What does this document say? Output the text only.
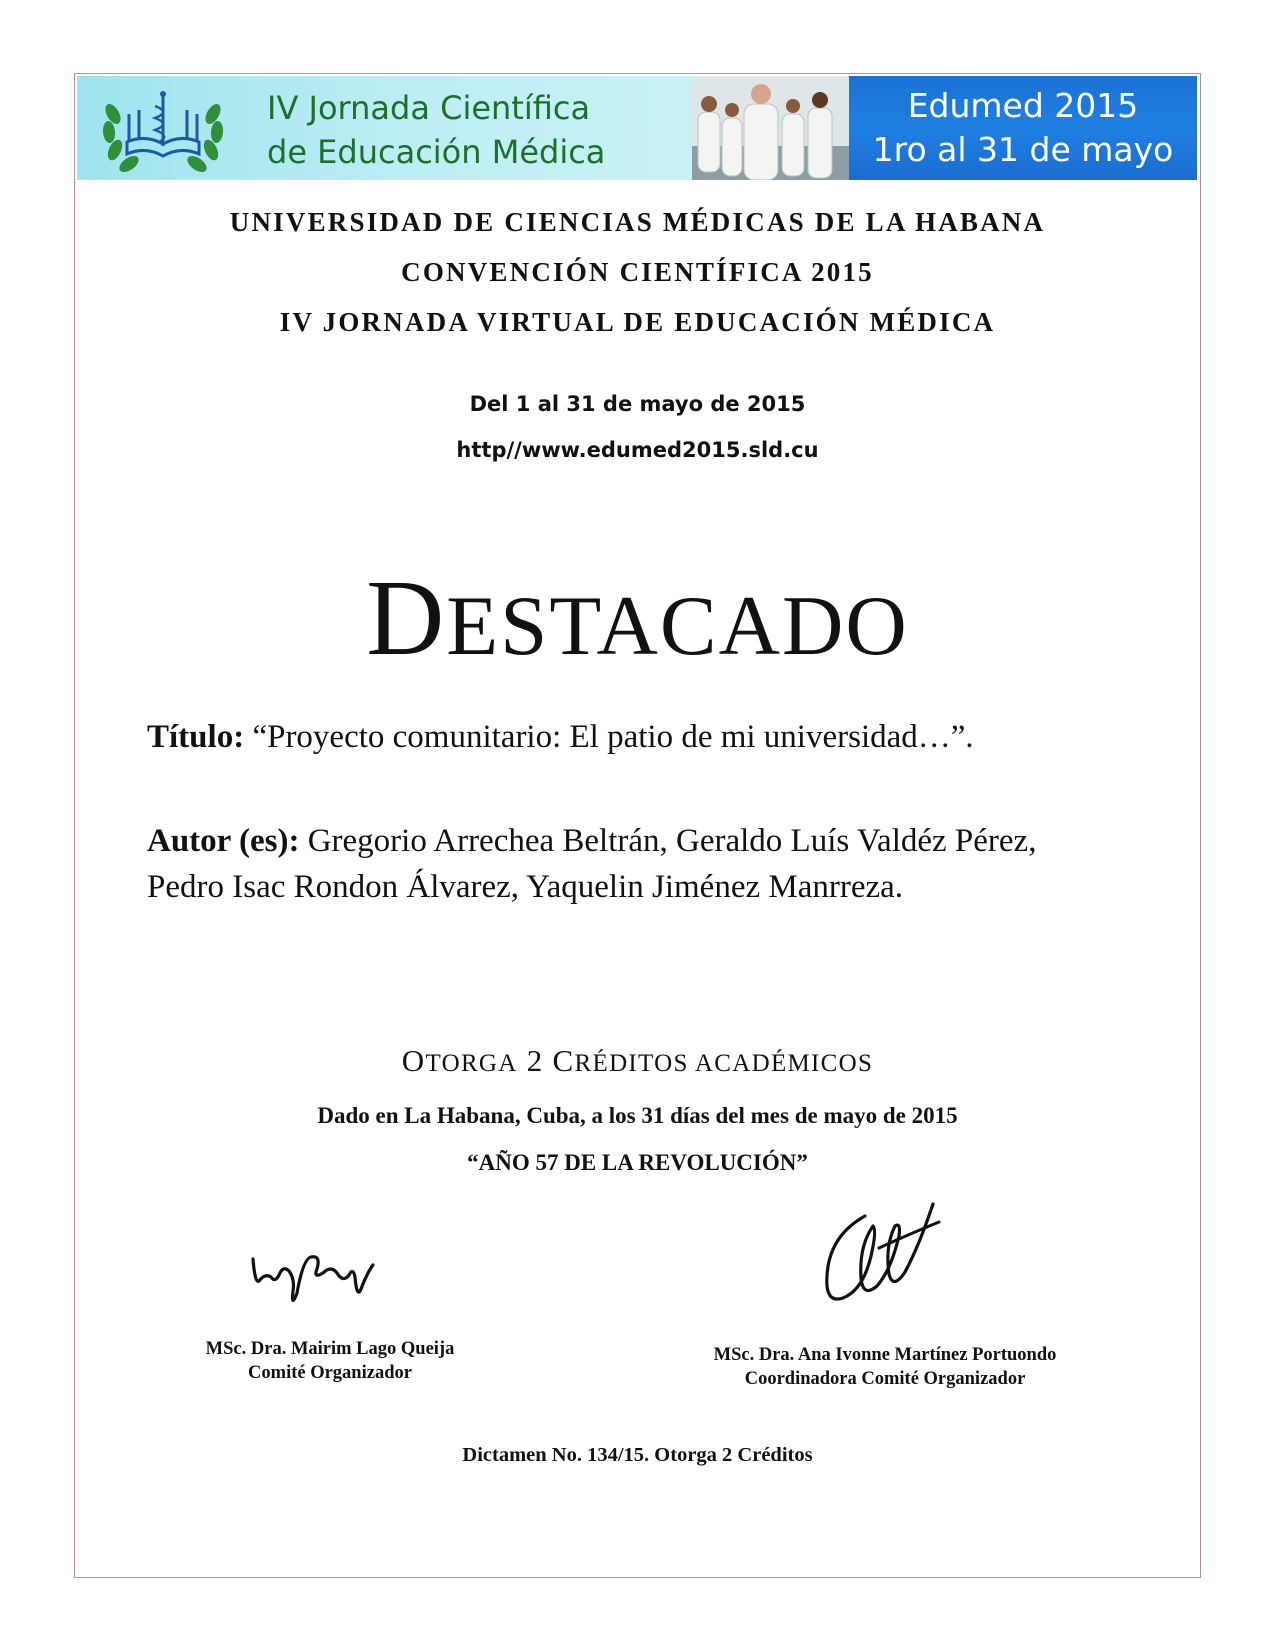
IV Jornada Científica
de Educación Médica
Edumed 2015
1ro al 31 de mayo
UNIVERSIDAD DE CIENCIAS MÉDICAS DE LA HABANA
CONVENCIÓN CIENTÍFICA 2015
IV JORNADA VIRTUAL DE EDUCACIÓN MÉDICA
Del 1 al 31 de mayo de 2015
http//www.edumed2015.sld.cu
DESTACADO
Título: “Proyecto comunitario: El patio de mi universidad…”.
Autor (es): Gregorio Arrechea Beltrán, Geraldo Luís Valdéz Pérez,
Pedro Isac Rondon Álvarez, Yaquelin Jiménez Manrreza.
OTORGA 2 CRÉDITOS ACADÉMICOS
Dado en La Habana, Cuba, a los 31 días del mes de mayo de 2015
“AÑO 57 DE LA REVOLUCIÓN”
MSc. Dra. Mairim Lago Queija
Comité Organizador
MSc. Dra. Ana Ivonne Martínez Portuondo
Coordinadora Comité Organizador
Dictamen No. 134/15. Otorga 2 Créditos
